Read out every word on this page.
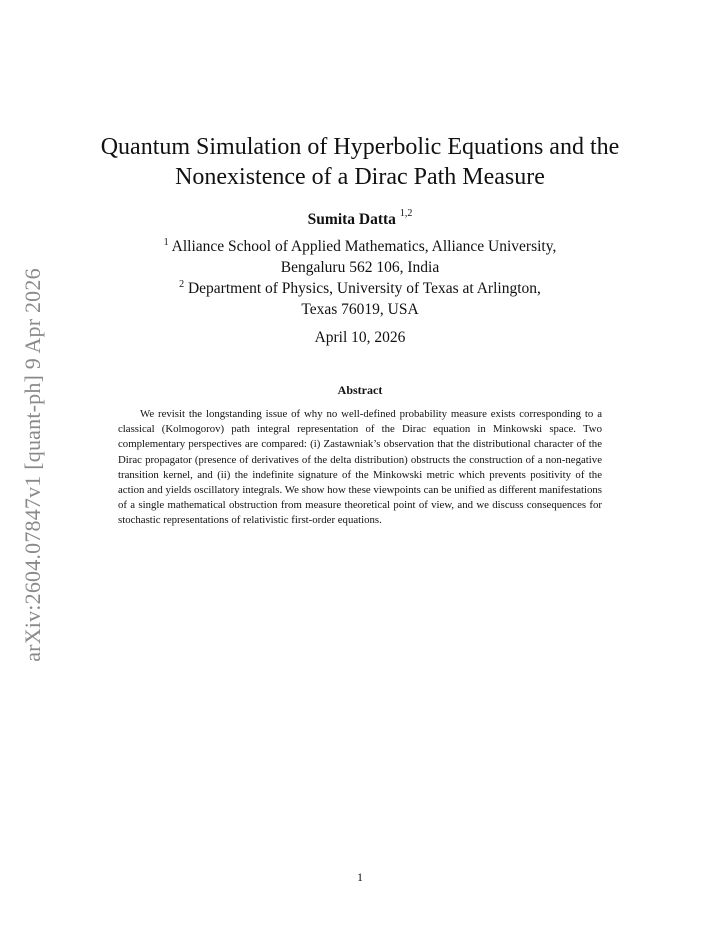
arXiv:2604.07847v1 [quant-ph] 9 Apr 2026
Quantum Simulation of Hyperbolic Equations and the
Nonexistence of a Dirac Path Measure
Sumita Datta $^{1,2}$
$^1$ Alliance School of Applied Mathematics, Alliance University,
Bengaluru 562 106, India
$^2$ Department of Physics, University of Texas at Arlington,
Texas 76019, USA
April 10, 2026
Abstract

We revisit the longstanding issue of why no well-defined probability measure exists corresponding to a classical (Kolmogorov) path integral representation of the Dirac equation in Minkowski space. Two complementary perspectives are compared: (i) Zastawniak’s observation that the distributional character of the Dirac propagator (presence of derivatives of the delta distribution) obstructs the construction of a non-negative transition kernel, and (ii) the indefinite signature of the Minkowski metric which prevents positivity of the action and yields oscillatory integrals. We show how these viewpoints can be unified as different manifestations of a single mathematical obstruction from measure theoretical point of view, and we discuss consequences for stochastic representations of relativistic first-order equations.

1
